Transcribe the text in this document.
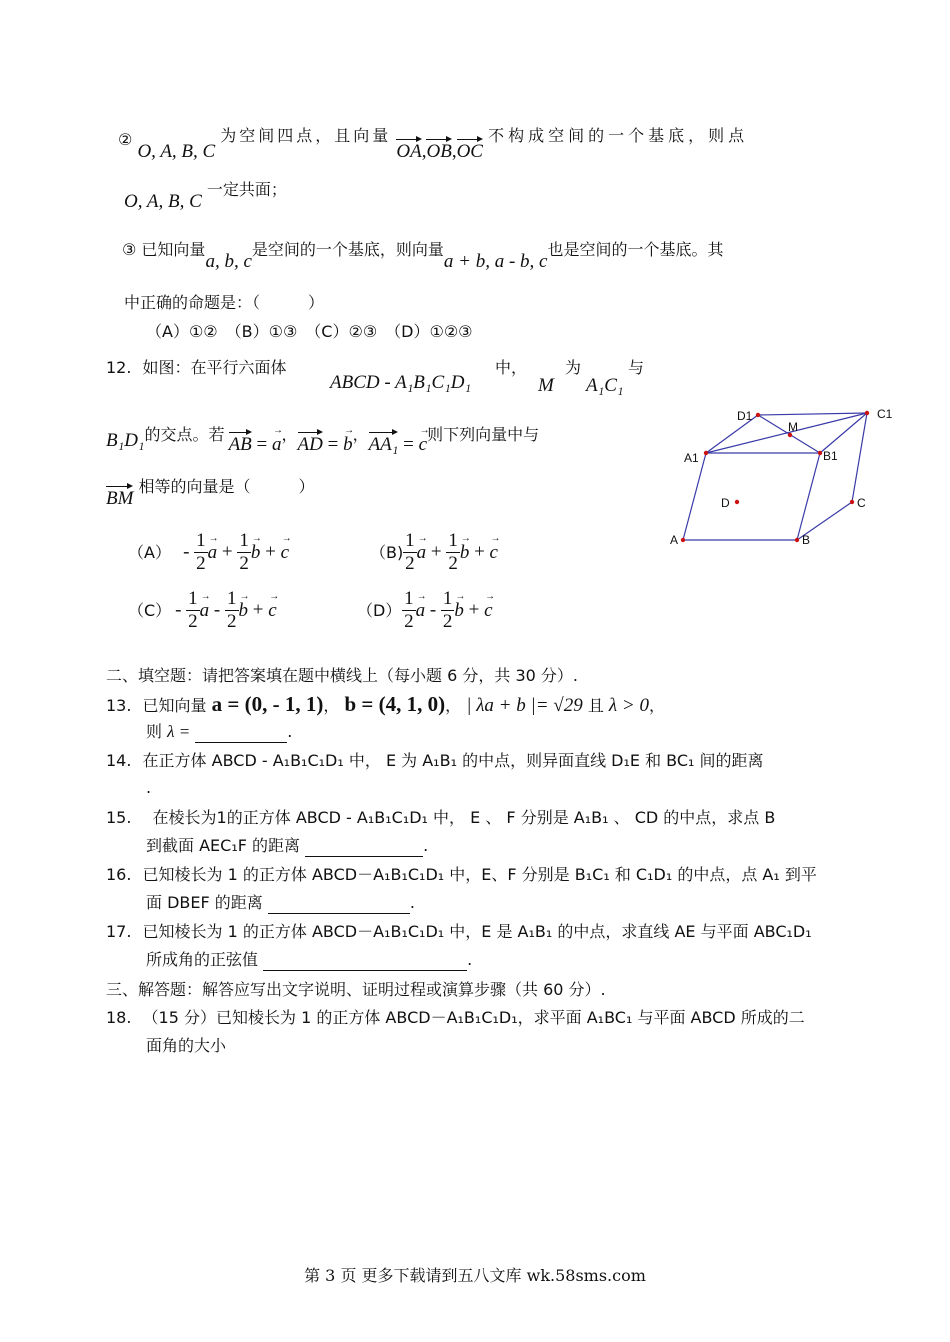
② O, A, B, C 为空间四点，且向量 OA,OB,OC 不构成空间的一个基底，则点
O, A, B, C 一定共面；
③ 已知向量a, b, c是空间的一个基底，则向量a + b, a - b, c也是空间的一个基底。其
中正确的命题是：（　　　）
（A）①②　（B）①③　（C）②③　（D）①②③
12. 如图：在平行六面体
ABCD - A₁B₁C₁D₁
中，
M
为
A₁C₁
与
B₁D₁的交点。若 AB = → a，AD = → b，AA₁ = → c则下列向量中与
BM 相等的向量是（　　　）
$(A) - \frac{1}{2} \to a + \frac{1}{2} \to b$ + → c	$(B) \frac{1}{2} \to a + \frac{1}{2} \to b$ + → c
$(C) - \frac{1}{2} \to a - \frac{1}{2} \to b$ + → c	$(D) \frac{1}{2} \to a - \frac{1}{2} \to b$ + → c
D1	C1
M
A1	B1
D	C
A	B
二、填空题：请把答案填在题中横线上（每小题 6 分，共 30 分）.
13. 已知向量 a = (0, - 1, 1)， b = (4, 1, 0)， | λa + b |= √29 且 λ > 0，
则 λ =	.
14. 在正方体 ABCD - A₁B₁C₁D₁ 中， E 为 A₁B₁ 的中点，则异面直线 D₁E 和 BC₁ 间的距离
.
15. 在棱长为1的正方体 ABCD - A₁B₁C₁D₁ 中， E 、 F 分别是 A₁B₁ 、 CD 的中点，求点 B
到截面 AEC₁F 的距离	.
16. 已知棱长为 1 的正方体 ABCD－A₁B₁C₁D₁ 中，E、F 分别是 B₁C₁ 和 C₁D₁ 的中点，点 A₁ 到平
面 DBEF 的距离	.
17. 已知棱长为 1 的正方体 ABCD－A₁B₁C₁D₁ 中，E 是 A₁B₁ 的中点，求直线 AE 与平面 ABC₁D₁
所成角的正弦值	.
三、解答题：解答应写出文字说明、证明过程或演算步骤（共 60 分）.
18. （15 分）已知棱长为 1 的正方体 ABCD－A₁B₁C₁D₁，求平面 A₁BC₁ 与平面 ABCD 所成的二
面角的大小
第 3 页 更多下载请到五八文库 wk.58sms.com
